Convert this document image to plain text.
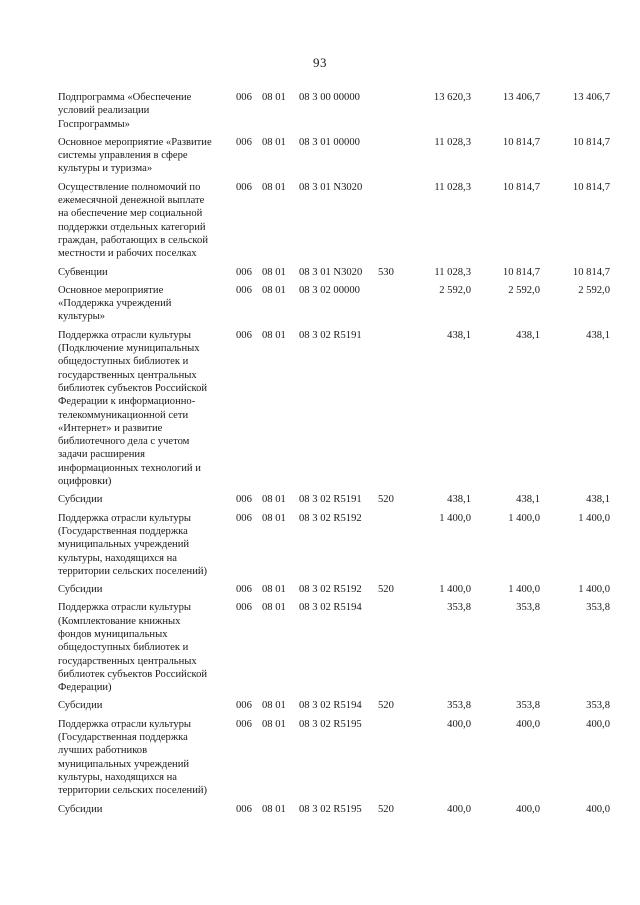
93
Подпрограмма «Обеспечение
условий реализации
Госпрограммы»
006 08 01 08 3 00 00000	13 620,3	13 406,7	13 406,7
Основное мероприятие «Развитие
системы управления в сфере
культуры и туризма»
006 08 01 08 3 01 00000	11 028,3	10 814,7	10 814,7
Осуществление полномочий по
ежемесячной денежной выплате
на обеспечение мер социальной
поддержки отдельных категорий
граждан, работающих в сельской
местности и рабочих поселках
006 08 01 08 3 01 N3020	11 028,3	10 814,7	10 814,7
Субвенции	006 08 01 08 3 01 N3020 530	11 028,3	10 814,7	10 814,7
Основное мероприятие
«Поддержка учреждений
культуры»
006 08 01 08 3 02 00000	2 592,0	2 592,0	2 592,0
Поддержка отрасли культуры
(Подключение муниципальных
общедоступных библиотек и
государственных центральных
библиотек субъектов Российской
Федерации к информационно-
телекоммуникационной сети
«Интернет» и развитие
библиотечного дела с учетом
задачи расширения
информационных технологий и
оцифровки)
006 08 01 08 3 02 R5191	438,1	438,1	438,1
Субсидии	006 08 01 08 3 02 R5191 520	438,1	438,1	438,1
Поддержка отрасли культуры
(Государственная поддержка
муниципальных учреждений
культуры, находящихся на
территории сельских поселений)
006 08 01 08 3 02 R5192	1 400,0	1 400,0	1 400,0
Субсидии	006 08 01 08 3 02 R5192 520	1 400,0	1 400,0	1 400,0
Поддержка отрасли культуры
(Комплектование книжных
фондов муниципальных
общедоступных библиотек и
государственных центральных
библиотек субъектов Российской
Федерации)
006 08 01 08 3 02 R5194	353,8	353,8	353,8
Субсидии	006 08 01 08 3 02 R5194 520	353,8	353,8	353,8
Поддержка отрасли культуры
(Государственная поддержка
лучших работников
муниципальных учреждений
культуры, находящихся на
территории сельских поселений)
006 08 01 08 3 02 R5195	400,0	400,0	400,0
Субсидии	006 08 01 08 3 02 R5195 520	400,0	400,0	400,0
